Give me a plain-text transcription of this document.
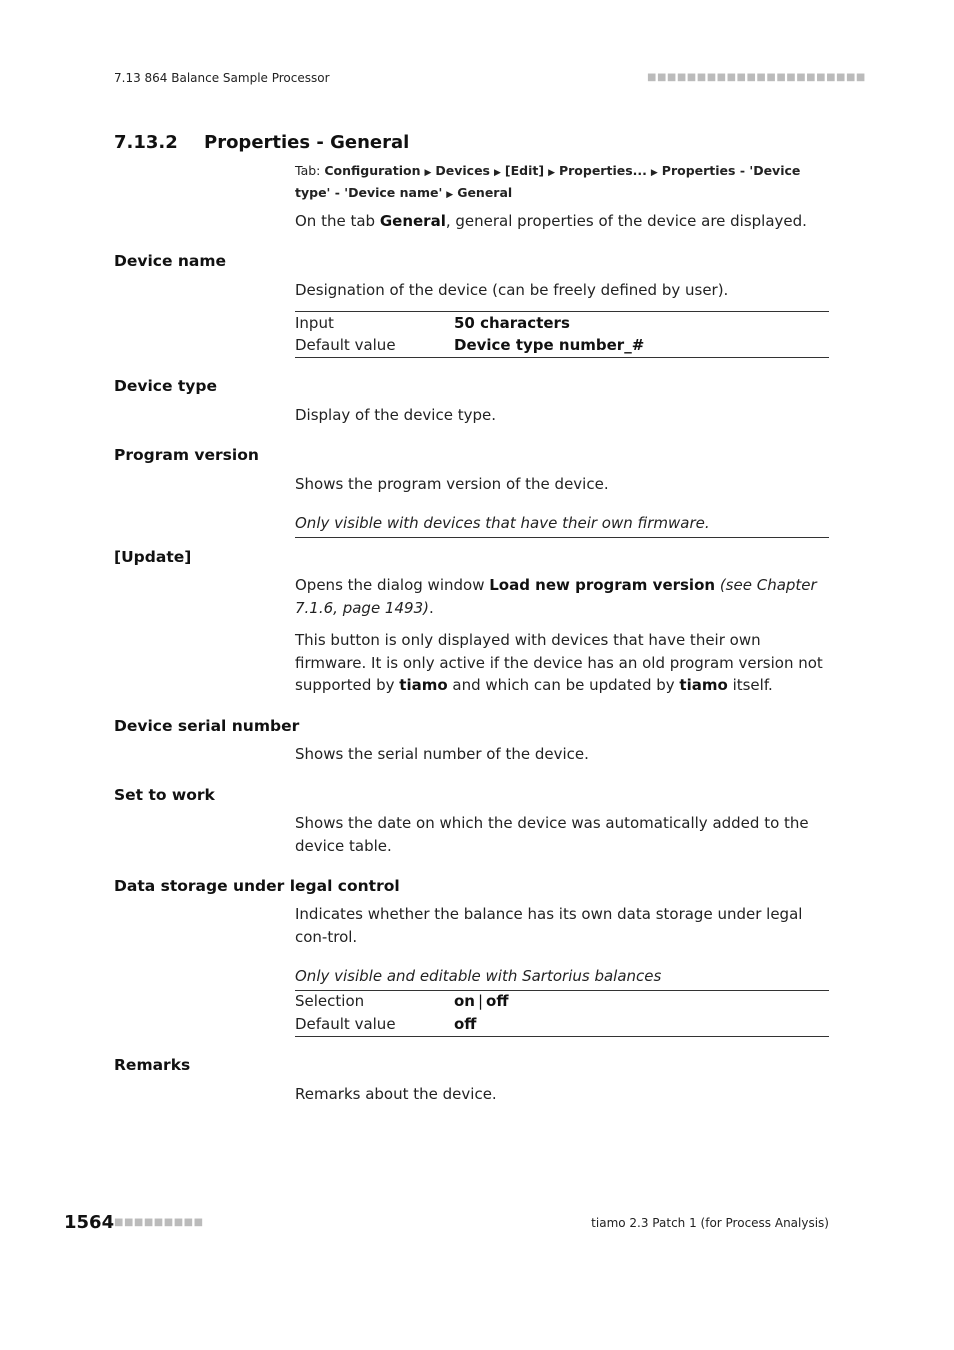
7.13 864 Balance Sample Processor	■■■■■■■■■■■■■■■■■■■■■■
7.13.2 Properties - General
Tab: Configuration ▶ Devices ▶ [Edit] ▶ Properties... ▶ Properties - 'Device type' - 'Device name' ▶ General
On the tab General, general properties of the device are displayed.
Device name
Designation of the device (can be freely defined by user).
Input	50 characters
Default value	Device type number_#
Device type
Display of the device type.
Program version
Shows the program version of the device.
Only visible with devices that have their own firmware.
[Update]
Opens the dialog window Load new program version (see Chapter 7.1.6, page 1493).
This button is only displayed with devices that have their own firmware. It is only active if the device has an old program version not supported by tiamo and which can be updated by tiamo itself.
Device serial number
Shows the serial number of the device.
Set to work
Shows the date on which the device was automatically added to the device table.
Data storage under legal control
Indicates whether the balance has its own data storage under legal con-trol.
Only visible and editable with Sartorius balances
Selection	on | off
Default value	off
Remarks
Remarks about the device.
1564 ■■■■■■■■■	tiamo 2.3 Patch 1 (for Process Analysis)
